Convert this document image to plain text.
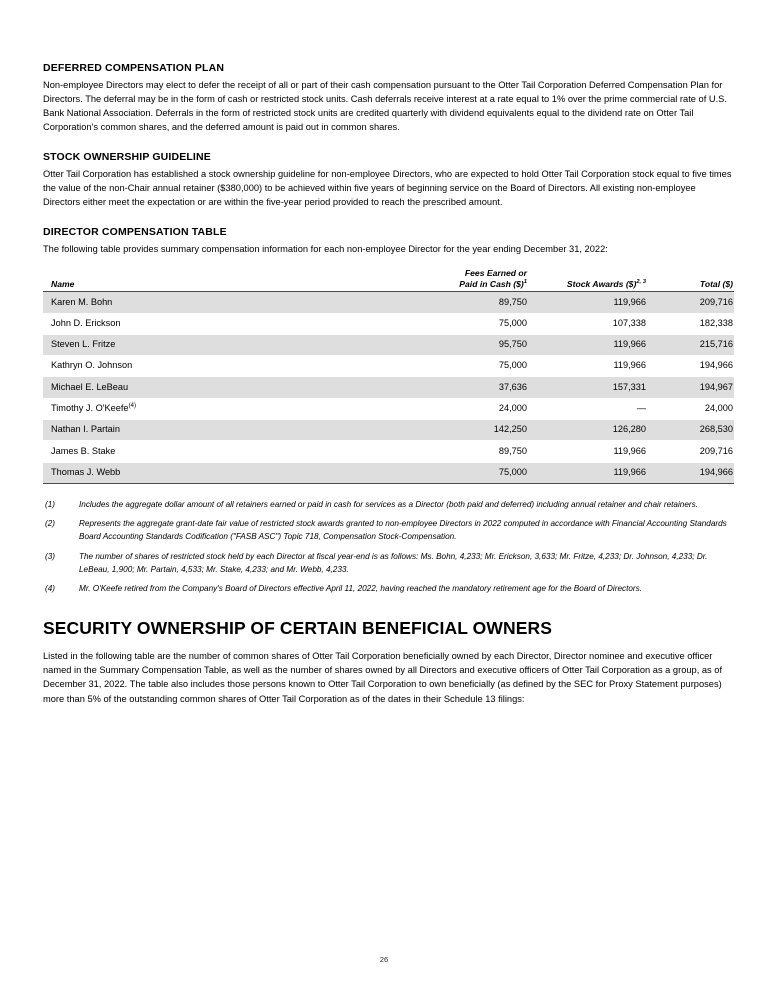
DEFERRED COMPENSATION PLAN

Non-employee Directors may elect to defer the receipt of all or part of their cash compensation pursuant to the Otter Tail Corporation Deferred Compensation Plan for Directors. The deferral may be in the form of cash or restricted stock units. Cash deferrals receive interest at a rate equal to 1% over the prime commercial rate of U.S. Bank National Association. Deferrals in the form of restricted stock units are credited quarterly with dividend equivalents equal to the dividend rate on Otter Tail Corporation's common shares, and the deferred amount is paid out in common shares.

STOCK OWNERSHIP GUIDELINE

Otter Tail Corporation has established a stock ownership guideline for non-employee Directors, who are expected to hold Otter Tail Corporation stock equal to five times the value of the non-Chair annual retainer ($380,000) to be achieved within five years of beginning service on the Board of Directors. All existing non-employee Directors either meet the expectation or are within the five-year period provided to reach the prescribed amount.

DIRECTOR COMPENSATION TABLE

The following table provides summary compensation information for each non-employee Director for the year ending December 31, 2022:

Name	Fees Earned or
Paid in Cash ($)$^1$	Stock Awards ($)$^{2, 3}$	Total ($)
Karen M. Bohn	89,750	119,966	209,716
John D. Erickson	75,000	107,338	182,338
Steven L. Fritze	95,750	119,966	215,716
Kathryn O. Johnson	75,000	119,966	194,966
Michael E. LeBeau	37,636	157,331	194,967
Timothy J. O'Keefe$^{(4)}$	24,000	—	24,000
Nathan I. Partain	142,250	126,280	268,530
James B. Stake	89,750	119,966	209,716
Thomas J. Webb	75,000	119,966	194,966
(1)	Includes the aggregate dollar amount of all retainers earned or paid in cash for services as a Director (both paid and deferred) including annual retainer and chair retainers.
(2)	Represents the aggregate grant-date fair value of restricted stock awards granted to non-employee Directors in 2022 computed in accordance with Financial Accounting Standards Board Accounting Standards Codification ("FASB ASC") Topic 718, Compensation Stock-Compensation.
(3)	The number of shares of restricted stock held by each Director at fiscal year-end is as follows: Ms. Bohn, 4,233; Mr. Erickson, 3,633; Mr. Fritze, 4,233; Dr. Johnson, 4,233; Dr. LeBeau, 1,900; Mr. Partain, 4,533; Mr. Stake, 4,233; and Mr. Webb, 4,233.
(4)	Mr. O'Keefe retired from the Company's Board of Directors effective April 11, 2022, having reached the mandatory retirement age for the Board of Directors.
SECURITY OWNERSHIP OF CERTAIN BENEFICIAL OWNERS

Listed in the following table are the number of common shares of Otter Tail Corporation beneficially owned by each Director, Director nominee and executive officer named in the Summary Compensation Table, as well as the number of shares owned by all Directors and executive officers of Otter Tail Corporation as a group, as of December 31, 2022. The table also includes those persons known to Otter Tail Corporation to own beneficially (as defined by the SEC for Proxy Statement purposes) more than 5% of the outstanding common shares of Otter Tail Corporation as of the dates in their Schedule 13 filings:

26
